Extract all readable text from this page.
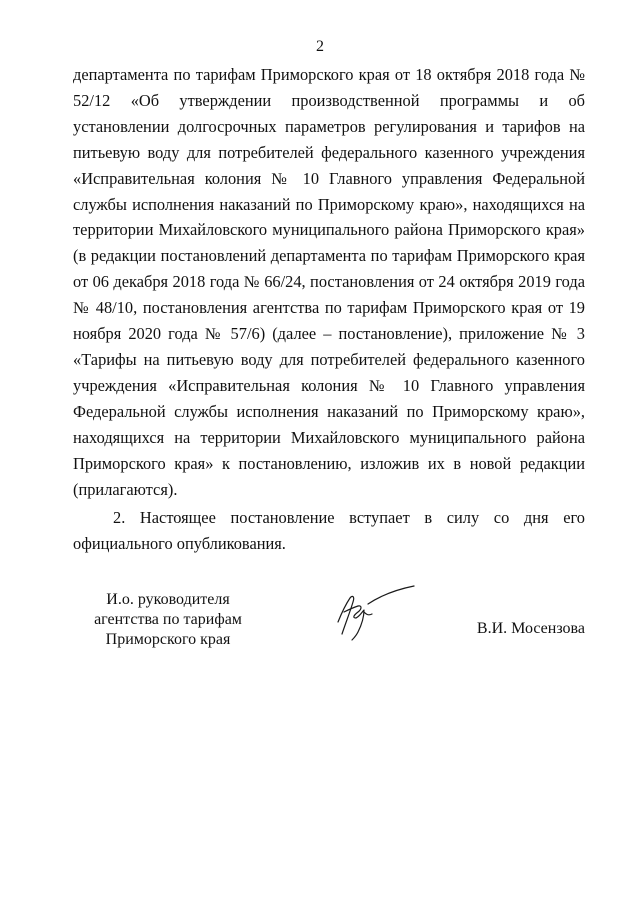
2

департамента по тарифам Приморского края от 18 октября 2018 года № 52/12 «Об утверждении производственной программы и об установлении долгосрочных параметров регулирования и тарифов на питьевую воду для потребителей федерального казенного учреждения «Исправительная колония № 10 Главного управления Федеральной службы исполнения наказаний по Приморскому краю», находящихся на территории Михайловского муниципального района Приморского края» (в редакции постановлений департамента по тарифам Приморского края от 06 декабря 2018 года № 66/24, постановления от 24 октября 2019 года № 48/10, постановления агентства по тарифам Приморского края от 19 ноября 2020 года № 57/6) (далее – постановление), приложение № 3 «Тарифы на питьевую воду для потребителей федерального казенного учреждения «Исправительная колония № 10 Главного управления Федеральной службы исполнения наказаний по Приморскому краю», находящихся на территории Михайловского муниципального района Приморского края» к постановлению, изложив их в новой редакции (прилагаются).

2. Настоящее постановление вступает в силу со дня его официального опубликования.

И.о. руководителя
агентства по тарифам
Приморского края
В.И. Мосензова
